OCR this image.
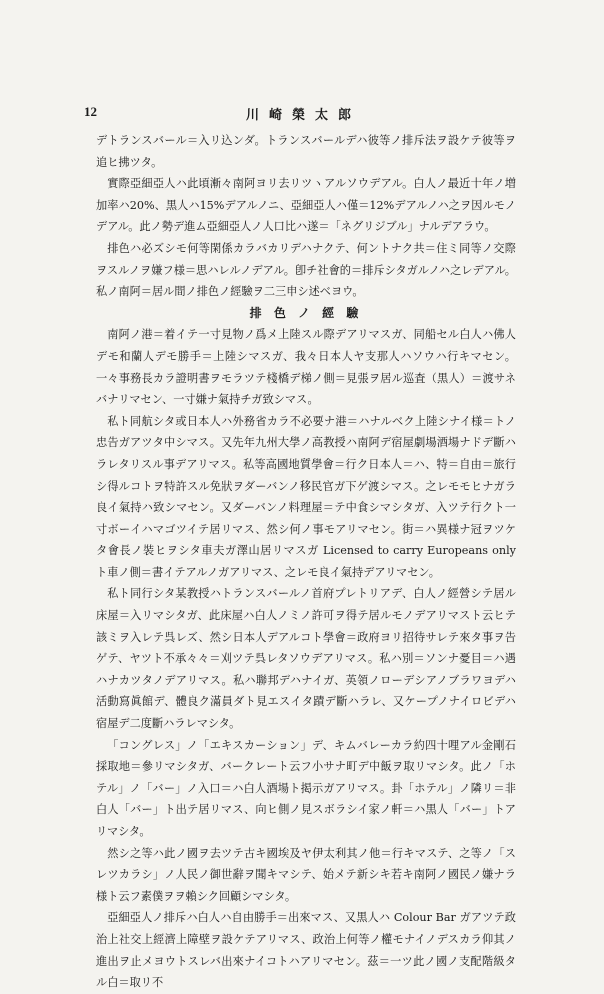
12	川崎榮太郎

デトランスバール＝入リ込ンダ。トランスバールデハ彼等ノ排斥法ヲ設ケテ彼等ヲ追ヒ拂ツタ。

實際亞細亞人ハ此頃漸々南阿ヨリ去リツヽアルソウデアル。白人ノ最近十年ノ増加率ハ20%、黒人ハ15%デアルノニ、亞細亞人ハ僅＝12%デアルノハ之ヲ因ルモノデアル。此ノ勢デ進ム亞細亞人ノ人口比ハ遂＝「ネグリジブル」ナルデアラウ。

排色ハ必ズシモ何等閑係カラバカリデハナクテ、何ントナク共＝住ミ同等ノ交際ヲスルノヲ嫌フ様＝思ハレルノデアル。卽チ社會的＝排斥シタガルノハ之レデアル。私ノ南阿＝居ル間ノ排色ノ經驗ヲ二三申シ述ベヨウ。

排 色 ノ 經 驗

南阿ノ港＝着イテ一寸見物ノ爲メ上陸スル際デアリマスガ、同船セル白人ハ佛人デモ和蘭人デモ勝手＝上陸シマスガ、我々日本人ヤ支那人ハソウハ行キマセン。一々事務長カラ證明書ヲモラツテ棧橋デ梯ノ側＝見張ヲ居ル巡査（黒人）＝渡サネバナリマセン、一寸嫌ナ氣持チガ致シマス。

私ト同航シタ或日本人ハ外務省カラ不必要ナ港＝ハナルベク上陸シナイ様＝トノ忠告ガアツタ中シマス。又先年九州大學ノ高教授ハ南阿デ宿屋劇場酒場ナドデ斷ハラレタリスル事デアリマス。私等高國地質學會＝行ク日本人＝ハ、特＝自由＝旅行シ得ルコトヲ特許スル免狀ヲダーバンノ移民官ガ下ゲ渡シマス。之レモモヒナガラ良イ氣持ハ致シマセン。又ダーバンノ料理屋＝テ中食シマシタガ、入ツテ行クト一寸ボーイハマゴツイテ居リマス、然シ何ノ事モアリマセン。街＝ハ異様ナ冠ヲツケタ會長ノ裝ヒヲシタ車夫ガ澤山居リマスガ Licensed to carry Europeans only ト車ノ側＝書イテアルノガアリマス、之レモ良イ氣持デアリマセン。

私ト同行シタ某教授ハトランスバールノ首府プレトリアデ、白人ノ經營シテ居ル床屋＝入リマシタガ、此床屋ハ白人ノミノ許可ヲ得テ居ルモノデアリマスト云ヒテ該ミヲ入レテ呉レズ、然シ日本人デアルコト學會＝政府ヨリ招待サレテ來タ事ヲ告ゲテ、ヤツト不承々々＝刈ツテ呉レタソウデアリマス。私ハ別＝ソンナ憂目＝ハ遇ハナカツタノデアリマス。私ハ聯邦デハナイガ、英領ノローデシアノブラワヨデハ活動寫眞館デ、體良ク滿員ダト見エスイタ蹟デ斷ハラレ、又ケープノナイロビデハ宿屋デ二度斷ハラレマシタ。

「コングレス」ノ「エキスカーション」デ、キムバレーカラ約四十哩アル金剛石採取地＝參リマシタガ、バークレート云フ小サナ町デ中飯ヲ取リマシタ。此ノ「ホテル」ノ「バー」ノ入口＝ハ白人酒場ト掲示ガアリマス。卦「ホテル」ノ隣リ＝非白人「バー」ト出テ居リマス、向ヒ側ノ見スボラシイ家ノ軒＝ハ黒人「バー」トアリマシタ。

然シ之等ハ此ノ國ヲ去ツテ古キ國埃及ヤ伊太利其ノ他＝行キマステ、之等ノ「スレツカラシ」ノ人民ノ御世辭ヲ聞キマシテ、始メテ新シキ若キ南阿ノ國民ノ嫌ナラ様ト云フ素僕ヲヲ賴シク回顧シマシタ。

亞細亞人ノ排斥ハ白人ハ自由勝手＝出來マス、又黒人ハ Colour Bar ガアツテ政治上社交上經濟上障壁ヲ設ケテアリマス、政治上何等ノ權モナイノデスカラ仰其ノ進出ヲ止メヨウトスレバ出來ナイコトハアリマセン。茲＝一ツ此ノ國ノ支配階級タル白＝取リ不
